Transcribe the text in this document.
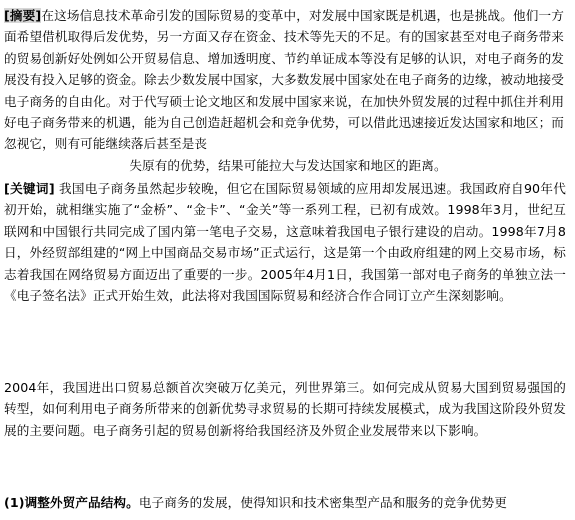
[摘要]在这场信息技术革命引发的国际贸易的变革中，对发展中国家既是机遇，也是挑战。他们一方面希望借机取得后发优势，另一方面又存在资金、技术等先天的不足。有的国家甚至对电子商务带来的贸易创新好处例如公开贸易信息、增加透明度、节约单证成本等没有足够的认识，对电子商务的发展没有投入足够的资金。除去少数发展中国家，大多数发展中国家处在电子商务的边缘，被动地接受电子商务的自由化。对于代写硕士论文地区和发展中国家来说，在加快外贸发展的过程中抓住并利用好电子商务带来的机遇，能为自己创造赶超机会和竞争优势，可以借此迅速接近发达国家和地区；而忽视它，则有可能继续落后甚至是丧

失原有的优势，结果可能拉大与发达国家和地区的距离。

[关键词] 我国电子商务虽然起步较晚，但它在国际贸易领域的应用却发展迅速。我国政府自90年代初开始，就相继实施了“金桥”、“金卡”、“金关”等一系列工程，已初有成效。1998年3月，世纪互联网和中国银行共同完成了国内第一笔电子交易，这意味着我国电子银行建设的启动。1998年7月8日，外经贸部组建的“网上中国商品交易市场”正式运行，这是第一个由政府组建的网上交易市场，标志着我国在网络贸易方面迈出了重要的一步。2005年4月1日，我国第一部对电子商务的单独立法一《电子签名法》正式开始生效，此法将对我国国际贸易和经济合作合同订立产生深刻影响。

2004年，我国进出口贸易总额首次突破万亿美元，列世界第三。如何完成从贸易大国到贸易强国的转型，如何利用电子商务所带来的创新优势寻求贸易的长期可持续发展模式，成为我国这阶段外贸发展的主要问题。电子商务引起的贸易创新将给我国经济及外贸企业发展带来以下影响。

(1)调整外贸产品结构。电子商务的发展，使得知识和技术密集型产品和服务的竞争优势更
